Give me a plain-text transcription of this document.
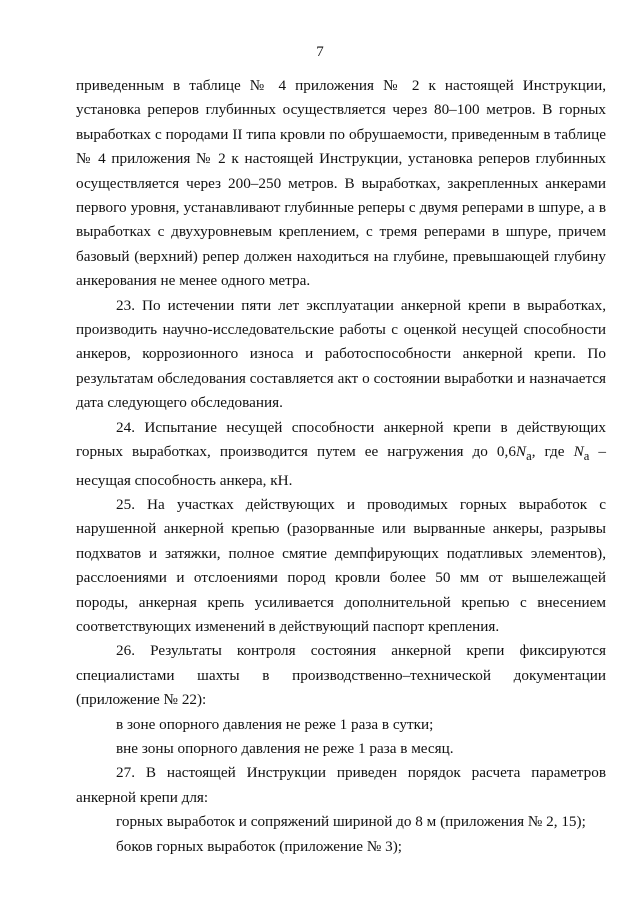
7

приведенным в таблице № 4 приложения № 2 к настоящей Инструкции, установка реперов глубинных осуществляется через 80–100 метров. В горных выработках с породами II типа кровли по обрушаемости, приведенным в таблице № 4 приложения № 2 к настоящей Инструкции, установка реперов глубинных осуществляется через 200–250 метров. В выработках, закрепленных анкерами первого уровня, устанавливают глубинные реперы с двумя реперами в шпуре, а в выработках с двухуровневым креплением, с тремя реперами в шпуре, причем базовый (верхний) репер должен находиться на глубине, превышающей глубину анкерования не менее одного метра.

23. По истечении пяти лет эксплуатации анкерной крепи в выработках, производить научно-исследовательские работы с оценкой несущей способности анкеров, коррозионного износа и работоспособности анкерной крепи. По результатам обследования составляется акт о состоянии выработки и назначается дата следующего обследования.

24. Испытание несущей способности анкерной крепи в действующих горных выработках, производится путем ее нагружения до $0,6N_а$, где $N_а$ – несущая способность анкера, кН.

25. На участках действующих и проводимых горных выработок с нарушенной анкерной крепью (разорванные или вырванные анкеры, разрывы подхватов и затяжки, полное смятие демпфирующих податливых элементов), расслоениями и отслоениями пород кровли более 50 мм от вышележащей породы, анкерная крепь усиливается дополнительной крепью с внесением соответствующих изменений в действующий паспорт крепления.

26. Результаты контроля состояния анкерной крепи фиксируются специалистами шахты в производственно–технической документации (приложение № 22):

в зоне опорного давления не реже 1 раза в сутки;

вне зоны опорного давления не реже 1 раза в месяц.

27. В настоящей Инструкции приведен порядок расчета параметров анкерной крепи для:

горных выработок и сопряжений шириной до 8 м (приложения № 2, 15);

боков горных выработок (приложение № 3);
